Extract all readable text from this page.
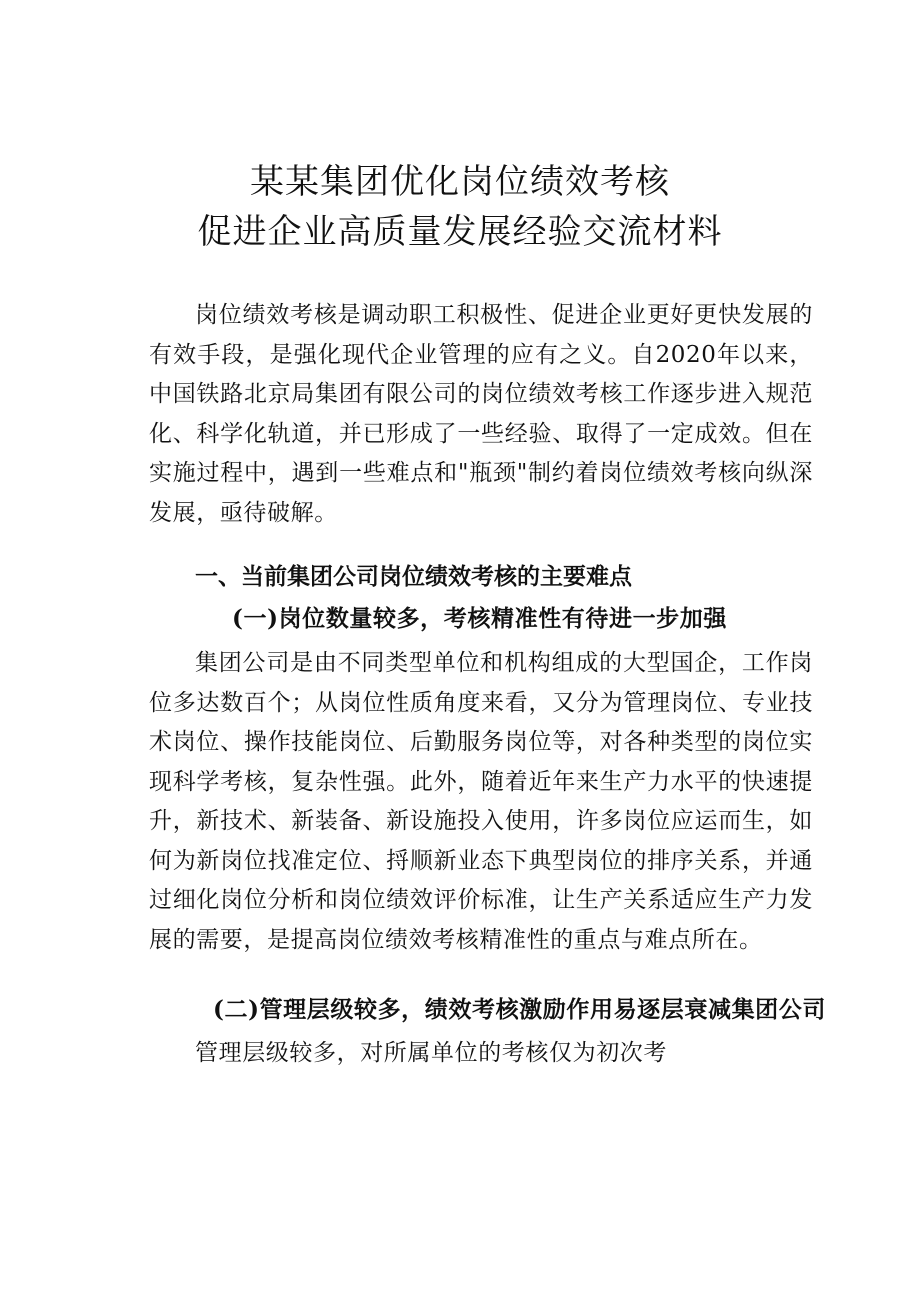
某某集团优化岗位绩效考核
促进企业高质量发展经验交流材料

岗位绩效考核是调动职工积极性、促进企业更好更快发展的有效手段，是强化现代企业管理的应有之义。自2020年以来，中国铁路北京局集团有限公司的岗位绩效考核工作逐步进入规范化、科学化轨道，并已形成了一些经验、取得了一定成效。但在实施过程中，遇到一些难点和"瓶颈"制约着岗位绩效考核向纵深发展，亟待破解。

一、当前集团公司岗位绩效考核的主要难点
(一)岗位数量较多，考核精准性有待进一步加强

集团公司是由不同类型单位和机构组成的大型国企，工作岗位多达数百个；从岗位性质角度来看，又分为管理岗位、专业技术岗位、操作技能岗位、后勤服务岗位等，对各种类型的岗位实现科学考核，复杂性强。此外，随着近年来生产力水平的快速提升，新技术、新装备、新设施投入使用，许多岗位应运而生，如何为新岗位找准定位、捋顺新业态下典型岗位的排序关系，并通过细化岗位分析和岗位绩效评价标准，让生产关系适应生产力发展的需要，是提高岗位绩效考核精准性的重点与难点所在。

(二)管理层级较多，绩效考核激励作用易逐层衰减集团公司

管理层级较多，对所属单位的考核仅为初次考
